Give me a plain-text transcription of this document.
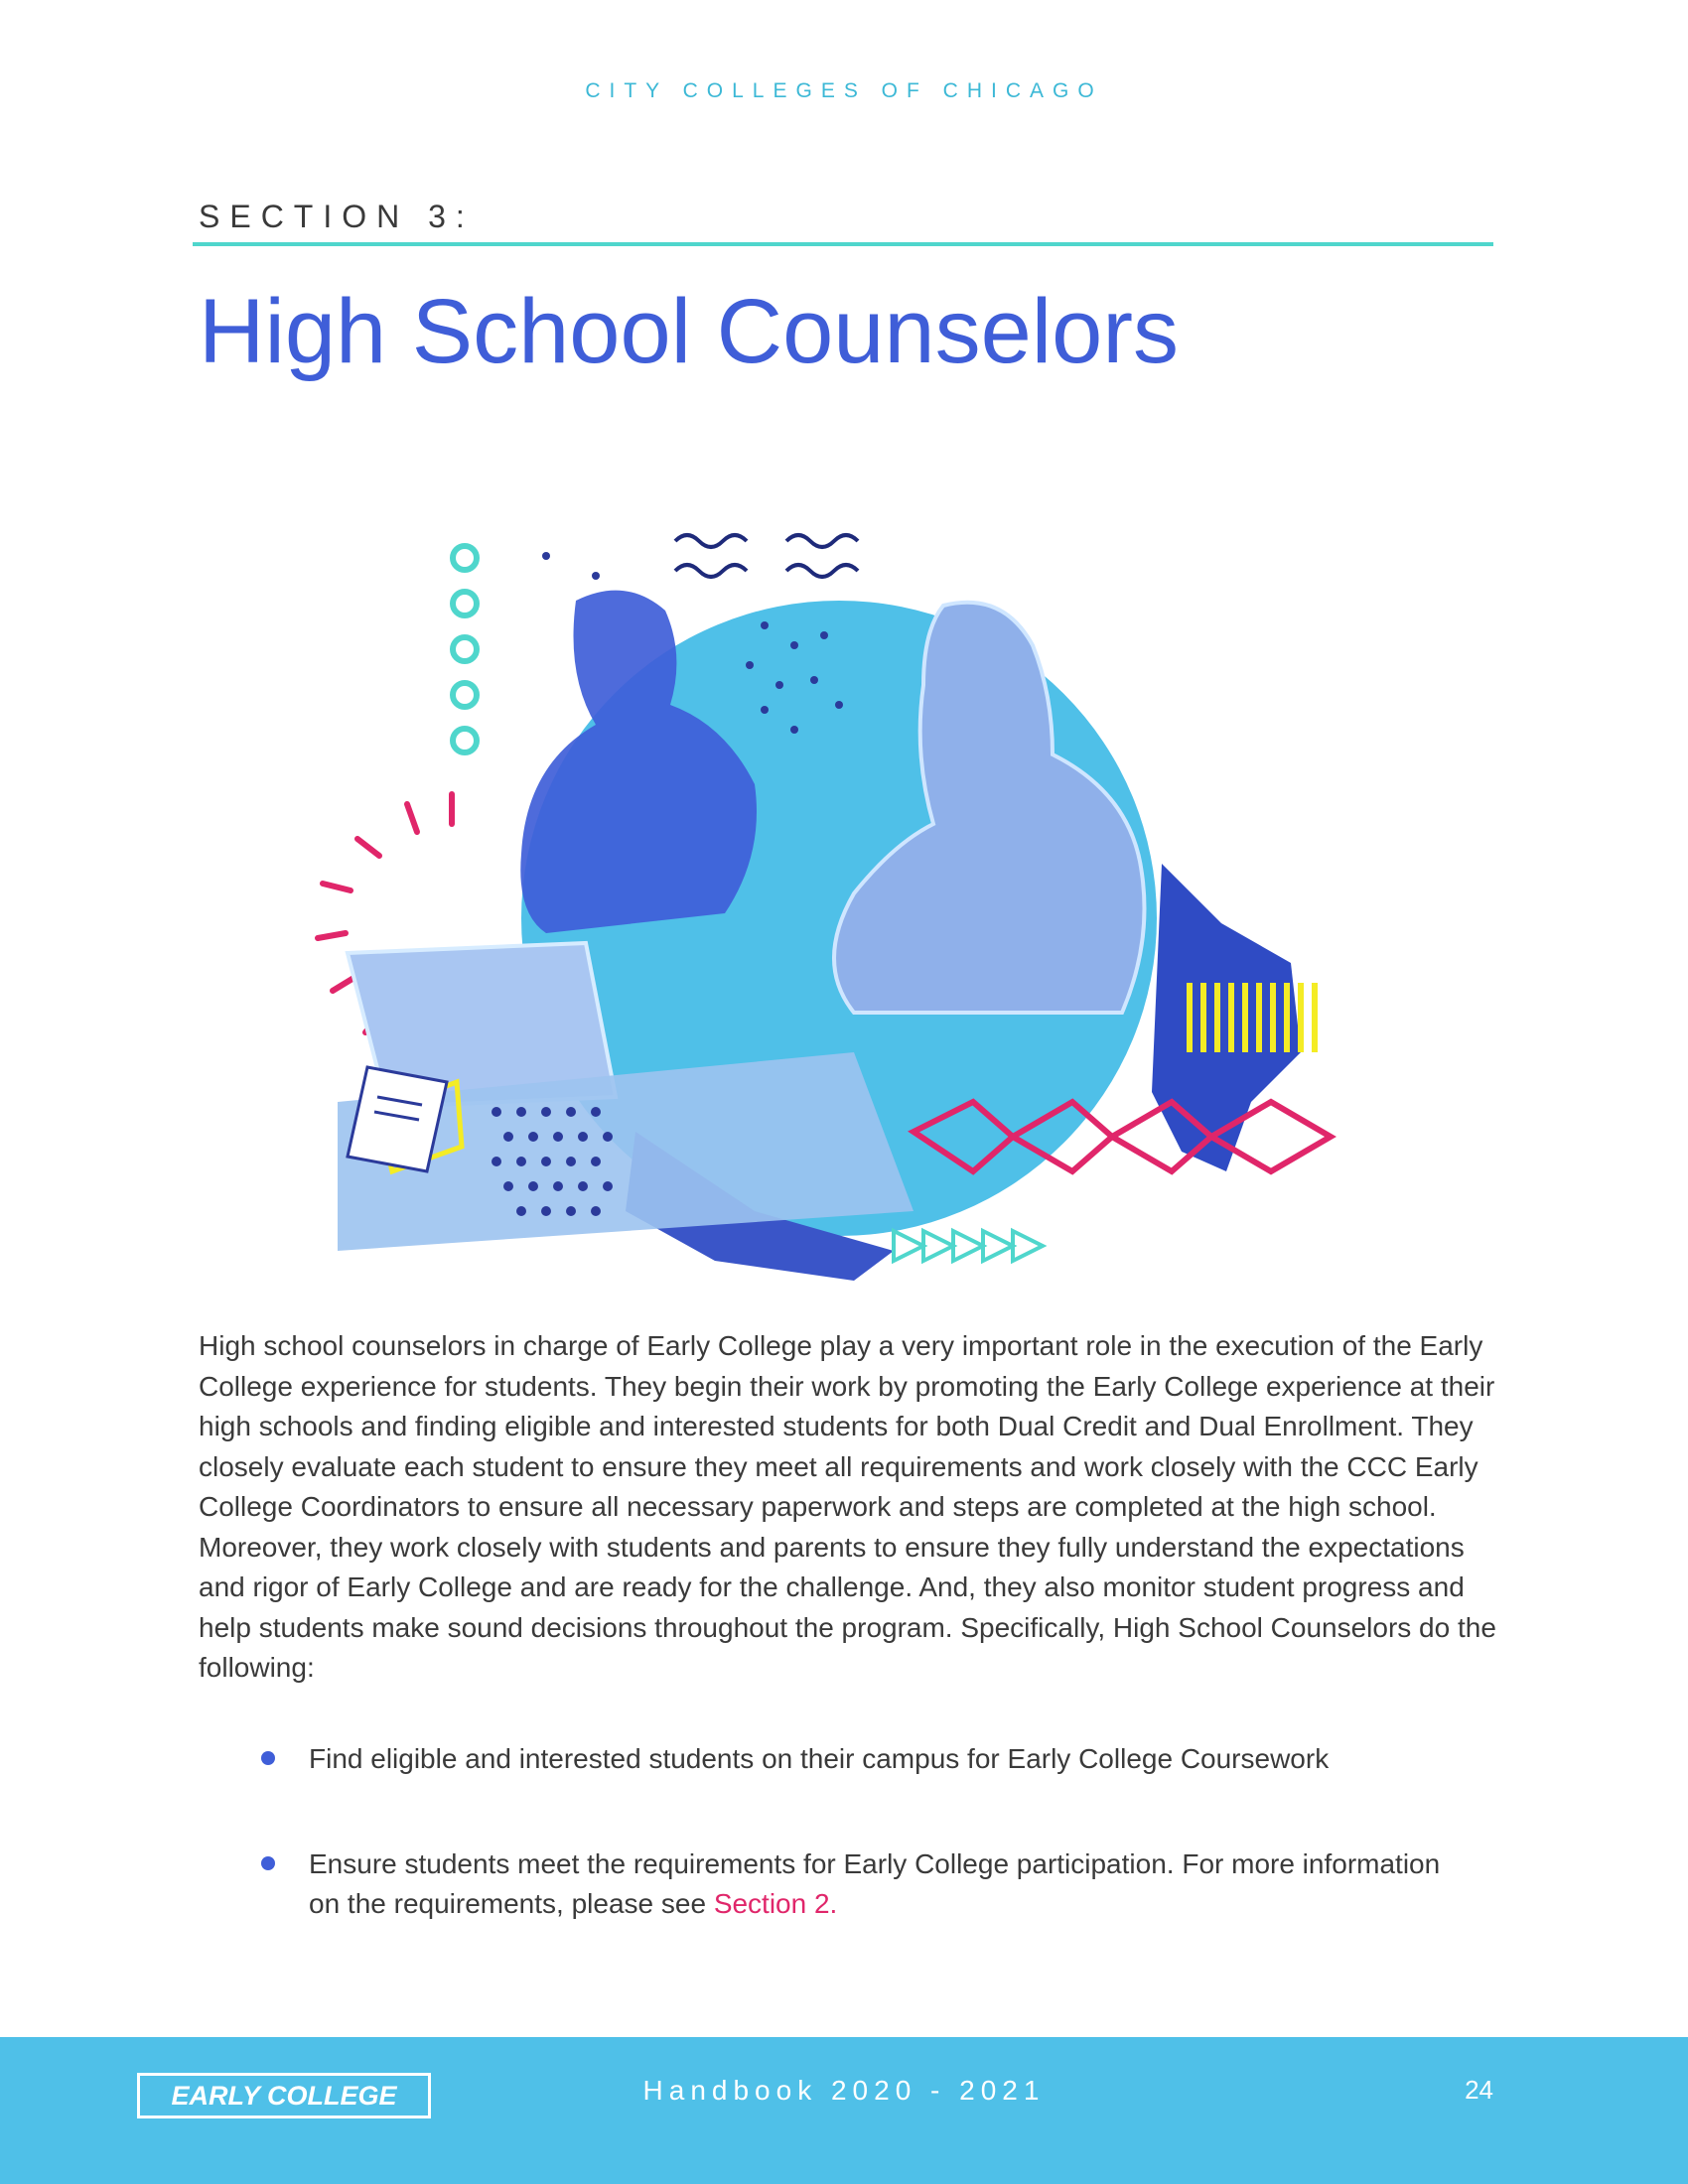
CITY COLLEGES OF CHICAGO
SECTION 3:
High School Counselors

High school counselors in charge of Early College play a very important role in the execution of the Early College experience for students. They begin their work by promoting the Early College experience at their high schools and finding eligible and interested students for both Dual Credit and Dual Enrollment. They closely evaluate each student to ensure they meet all requirements and work closely with the CCC Early College Coordinators to ensure all necessary paperwork and steps are completed at the high school. Moreover, they work closely with students and parents to ensure they fully understand the expectations and rigor of Early College and are ready for the challenge. And, they also monitor student progress and help students make sound decisions throughout the program. Specifically, High School Counselors do the following:

Find eligible and interested students on their campus for Early College Coursework
Ensure students meet the requirements for Early College participation. For more information on the requirements, please see Section 2.
EARLY COLLEGE	Handbook 2020 - 2021	24
